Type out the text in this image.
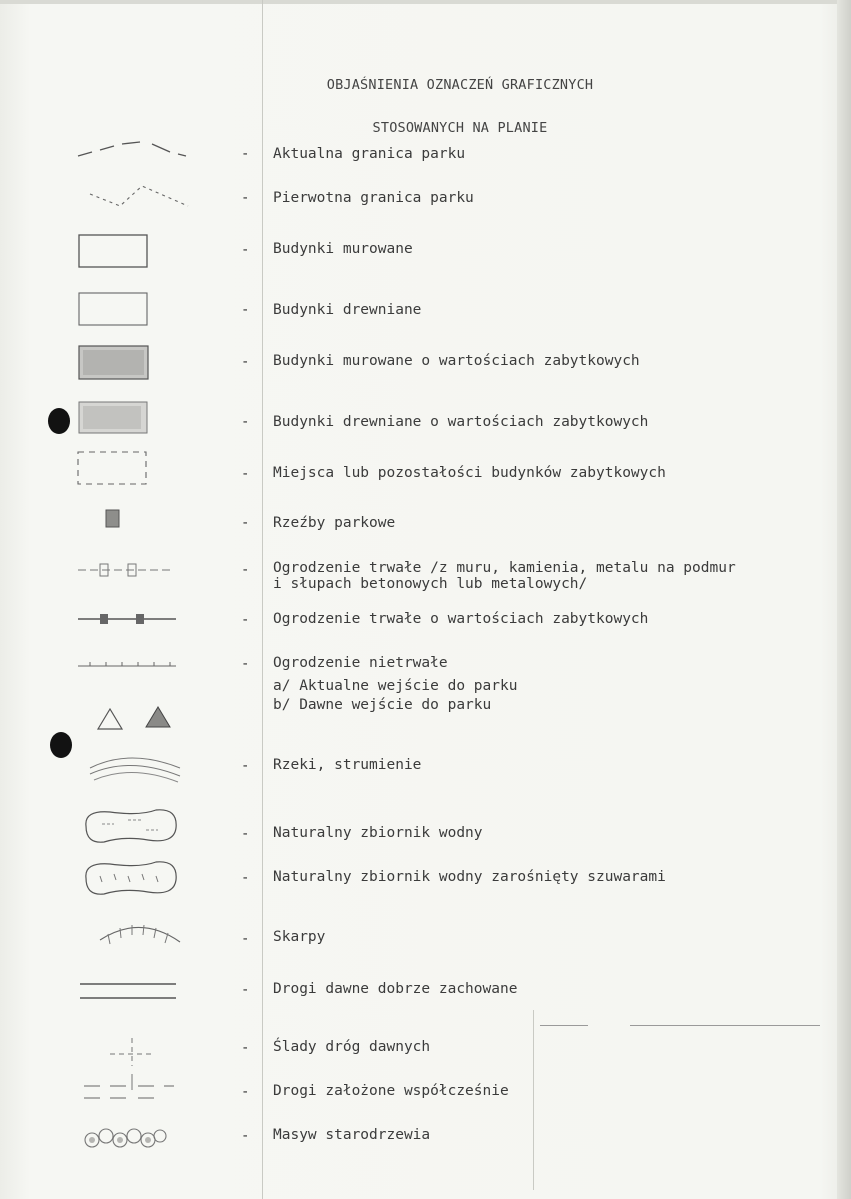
OBJAŚNIENIA OZNACZEŃ GRAFICZNYCH
STOSOWANYCH NA PLANIE
- Aktualna granica parku
- Pierwotna granica parku
- Budynki murowane
- Budynki drewniane
- Budynki murowane o wartościach zabytkowych
- Budynki drewniane o wartościach zabytkowych
- Miejsca lub pozostałości budynków zabytkowych
- Rzeźby parkowe
- Ogrodzenie trwałe /z muru, kamienia, metalu na podmur
i słupach betonowych lub metalowych/
- Ogrodzenie trwałe o wartościach zabytkowych
- Ogrodzenie nietrwałe
a/ Aktualne wejście do parku
b/ Dawne wejście do parku
- Rzeki, strumienie
- Naturalny zbiornik wodny
- Naturalny zbiornik wodny zarośnięty szuwarami
- Skarpy
- Drogi dawne dobrze zachowane
- Ślady dróg dawnych
- Drogi założone współcześnie
- Masyw starodrzewia
